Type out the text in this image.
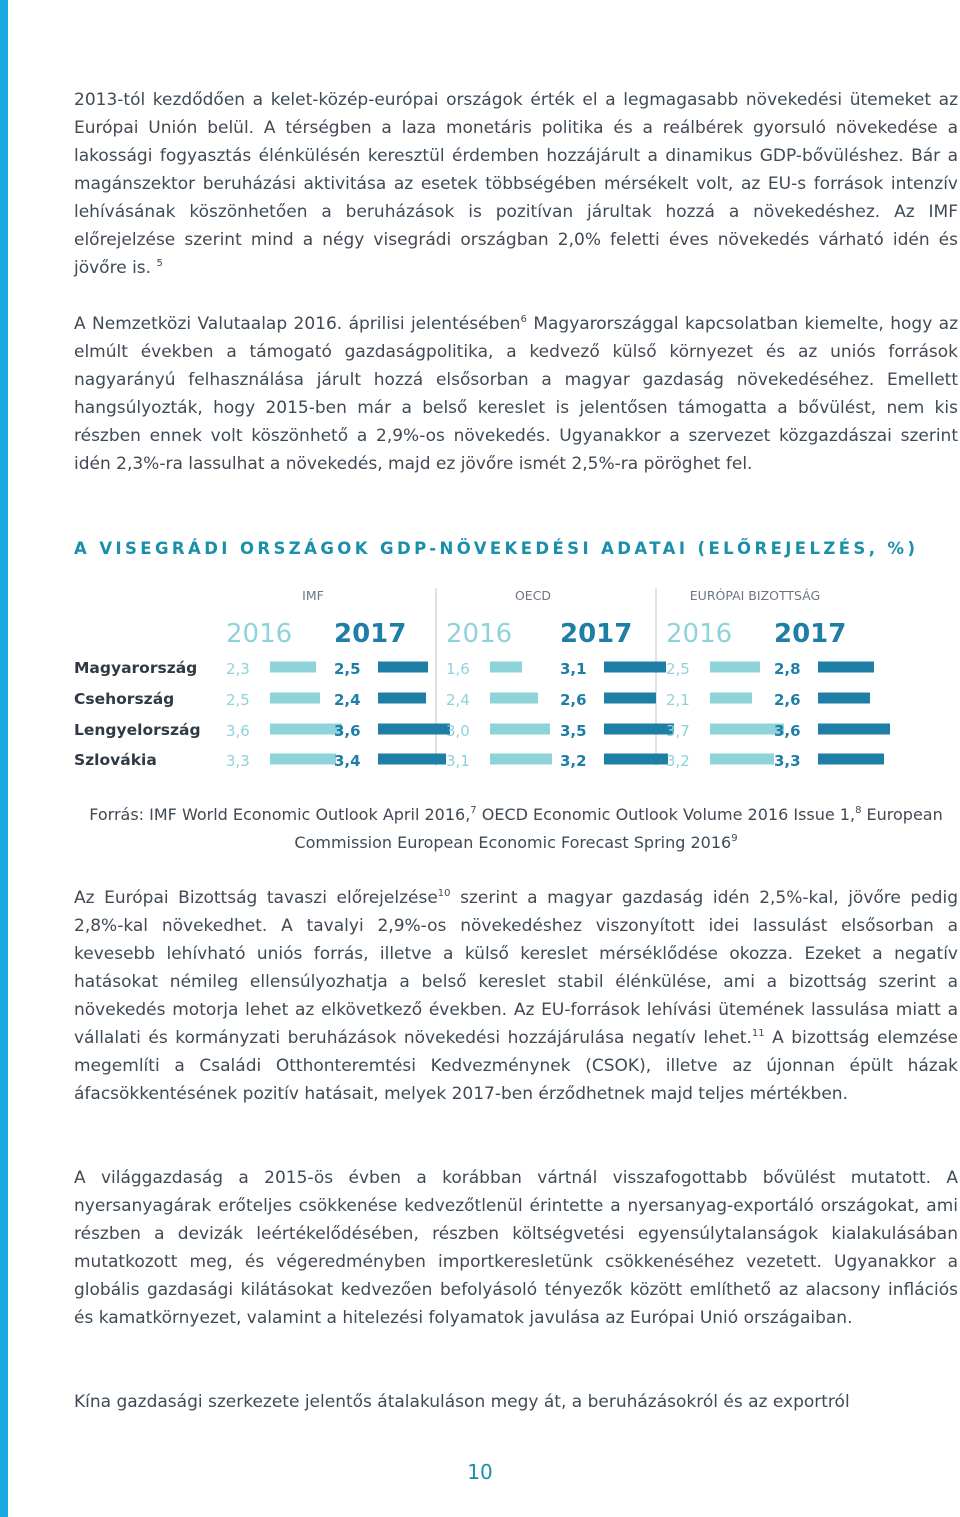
2013-tól kezdődően a kelet-közép-európai országok érték el a legmagasabb növekedési ütemeket az Európai Unión belül. A térségben a laza monetáris politika és a reálbérek gyorsuló növekedése a lakossági fogyasztás élénkülésén keresztül érdemben hozzájárult a dinamikus GDP-bővüléshez. Bár a magánszektor beruházási aktivitása az esetek többségében mérsékelt volt, az EU-s források intenzív lehívásának köszönhetően a beruházások is pozitívan járultak hozzá a növekedéshez. Az IMF előrejelzése szerint mind a négy visegrádi országban 2,0% feletti éves növekedés várható idén és jövőre is. $^5$

A Nemzetközi Valutaalap 2016. áprilisi jelentésében$^6$ Magyarországgal kapcsolatban kiemelte, hogy az elmúlt években a támogató gazdaságpolitika, a kedvező külső környezet és az uniós források nagyarányú felhasználása járult hozzá elsősorban a magyar gazdaság növekedéséhez. Emellett hangsúlyozták, hogy 2015-ben már a belső kereslet is jelentősen támogatta a bővülést, nem kis részben ennek volt köszönhető a 2,9%-os növekedés. Ugyanakkor a szervezet közgazdászai szerint idén 2,3%-ra lassulhat a növekedés, majd ez jövőre ismét 2,5%-ra pöröghet fel.

A VISEGRÁDI ORSZÁGOK GDP-NÖVEKEDÉSI ADATAI (ELŐREJELZÉS, %)
Magyarország
Csehország
Lengyelország
Szlovákia
IMF
2016
2,3
2,5
3,6
3,3
2017
2,5
2,4
3,6
3,4
OECD
2016
1,6
2,4
3,0
3,1
2017
3,1
2,6
3,5
3,2
EURÓPAI BIZOTTSÁG
2016
2,5
2,1
3,7
3,2
2017
2,8
2,6
3,6
3,3

Forrás: IMF World Economic Outlook April 2016,$^7$ OECD Economic Outlook Volume 2016 Issue 1,$^8$ European Commission European Economic Forecast Spring 2016$^9$

Az Európai Bizottság tavaszi előrejelzése$^{10}$ szerint a magyar gazdaság idén 2,5%-kal, jövőre pedig 2,8%-kal növekedhet. A tavalyi 2,9%-os növekedéshez viszonyított idei lassulást elsősorban a kevesebb lehívható uniós forrás, illetve a külső kereslet mérséklődése okozza. Ezeket a negatív hatásokat némileg ellensúlyozhatja a belső kereslet stabil élénkülése, ami a bizottság szerint a növekedés motorja lehet az elkövetkező években. Az EU-források lehívási ütemének lassulása miatt a vállalati és kormányzati beruházások növekedési hozzájárulása negatív lehet.$^{11}$ A bizottság elemzése megemlíti a Családi Otthonteremtési Kedvezménynek (CSOK), illetve az újonnan épült házak áfacsökkentésének pozitív hatásait, melyek 2017-ben érződhetnek majd teljes mértékben.

A világgazdaság a 2015-ös évben a korábban vártnál visszafogottabb bővülést mutatott. A nyersanyagárak erőteljes csökkenése kedvezőtlenül érintette a nyersanyag-exportáló országokat, ami részben a devizák leértékelődésében, részben költségvetési egyensúlytalanságok kialakulásában mutatkozott meg, és végeredményben importkeresletünk csökkenéséhez vezetett. Ugyanakkor a globális gazdasági kilátásokat kedvezően befolyásoló tényezők között említhető az alacsony inflációs és kamatkörnyezet, valamint a hitelezési folyamatok javulása az Európai Unió országaiban.

Kína gazdasági szerkezete jelentős átalakuláson megy át, a beruházásokról és az exportról

10
